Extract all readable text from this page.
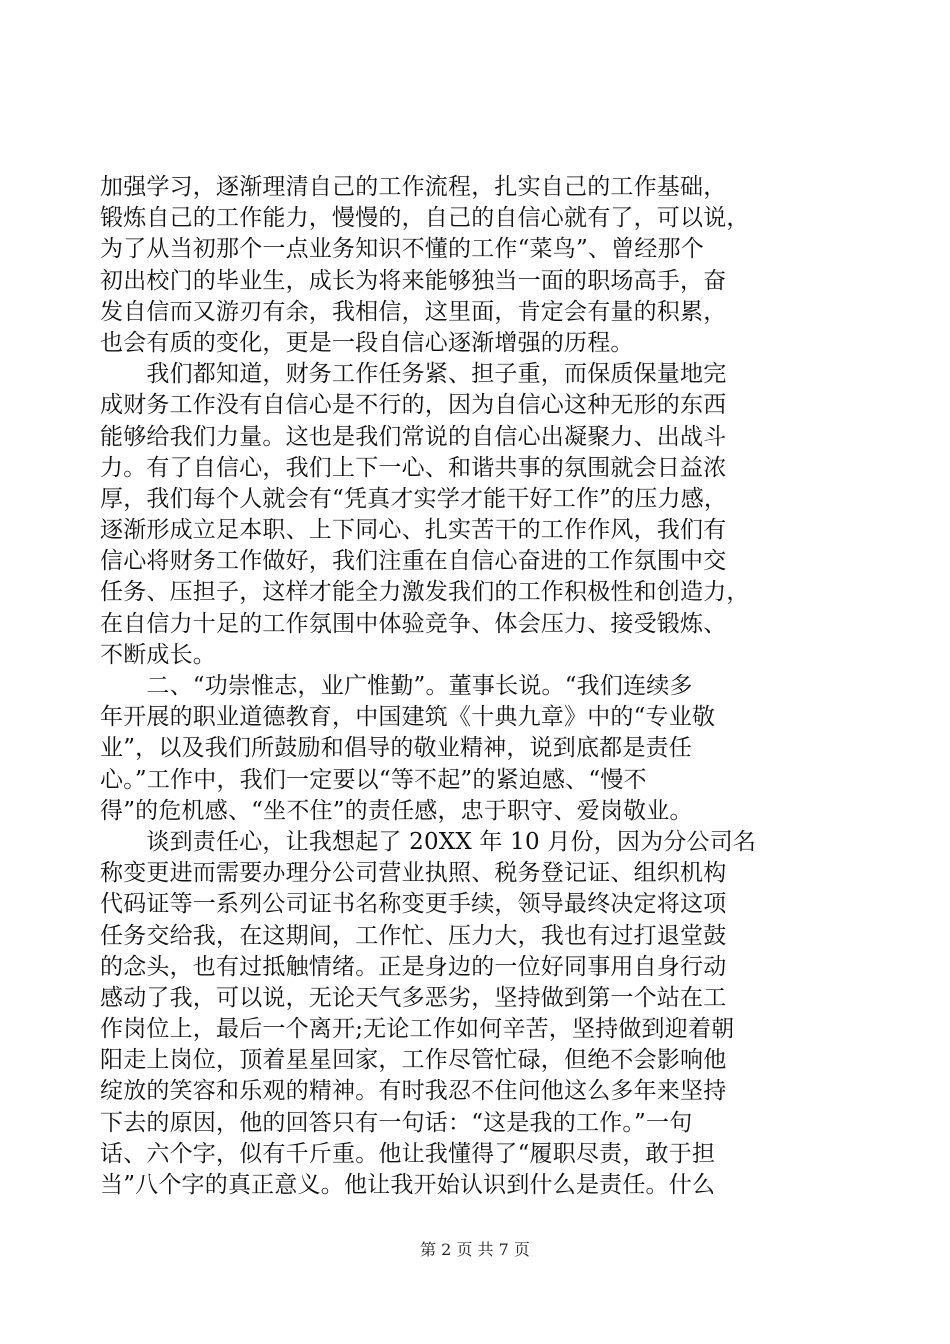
加强学习，逐渐理清自己的工作流程，扎实自己的工作基础，
锻炼自己的工作能力，慢慢的，自己的自信心就有了，可以说，
为了从当初那个一点业务知识不懂的工作“菜鸟”、曾经那个
初出校门的毕业生，成长为将来能够独当一面的职场高手，奋
发自信而又游刃有余，我相信，这里面，肯定会有量的积累，
也会有质的变化，更是一段自信心逐渐增强的历程。
　　我们都知道，财务工作任务紧、担子重，而保质保量地完
成财务工作没有自信心是不行的，因为自信心这种无形的东西
能够给我们力量。这也是我们常说的自信心出凝聚力、出战斗
力。有了自信心，我们上下一心、和谐共事的氛围就会日益浓
厚，我们每个人就会有“凭真才实学才能干好工作”的压力感，
逐渐形成立足本职、上下同心、扎实苦干的工作作风，我们有
信心将财务工作做好，我们注重在自信心奋进的工作氛围中交
任务、压担子，这样才能全力激发我们的工作积极性和创造力，
在自信力十足的工作氛围中体验竞争、体会压力、接受锻炼、
不断成长。
　　二、“功崇惟志，业广惟勤”。董事长说。“我们连续多
年开展的职业道德教育，中国建筑《十典九章》中的“专业敬
业”，以及我们所鼓励和倡导的敬业精神，说到底都是责任
心。”工作中，我们一定要以“等不起”的紧迫感、“慢不
得”的危机感、“坐不住”的责任感，忠于职守、爱岗敬业。
　　谈到责任心，让我想起了 20XX 年 10 月份，因为分公司名
称变更进而需要办理分公司营业执照、税务登记证、组织机构
代码证等一系列公司证书名称变更手续，领导最终决定将这项
任务交给我，在这期间，工作忙、压力大，我也有过打退堂鼓
的念头，也有过抵触情绪。正是身边的一位好同事用自身行动
感动了我，可以说，无论天气多恶劣，坚持做到第一个站在工
作岗位上，最后一个离开;无论工作如何辛苦，坚持做到迎着朝
阳走上岗位，顶着星星回家，工作尽管忙碌，但绝不会影响他
绽放的笑容和乐观的精神。有时我忍不住问他这么多年来坚持
下去的原因，他的回答只有一句话：“这是我的工作。”一句
话、六个字，似有千斤重。他让我懂得了“履职尽责，敢于担
当”八个字的真正意义。他让我开始认识到什么是责任。什么
第 2 页 共 7 页
